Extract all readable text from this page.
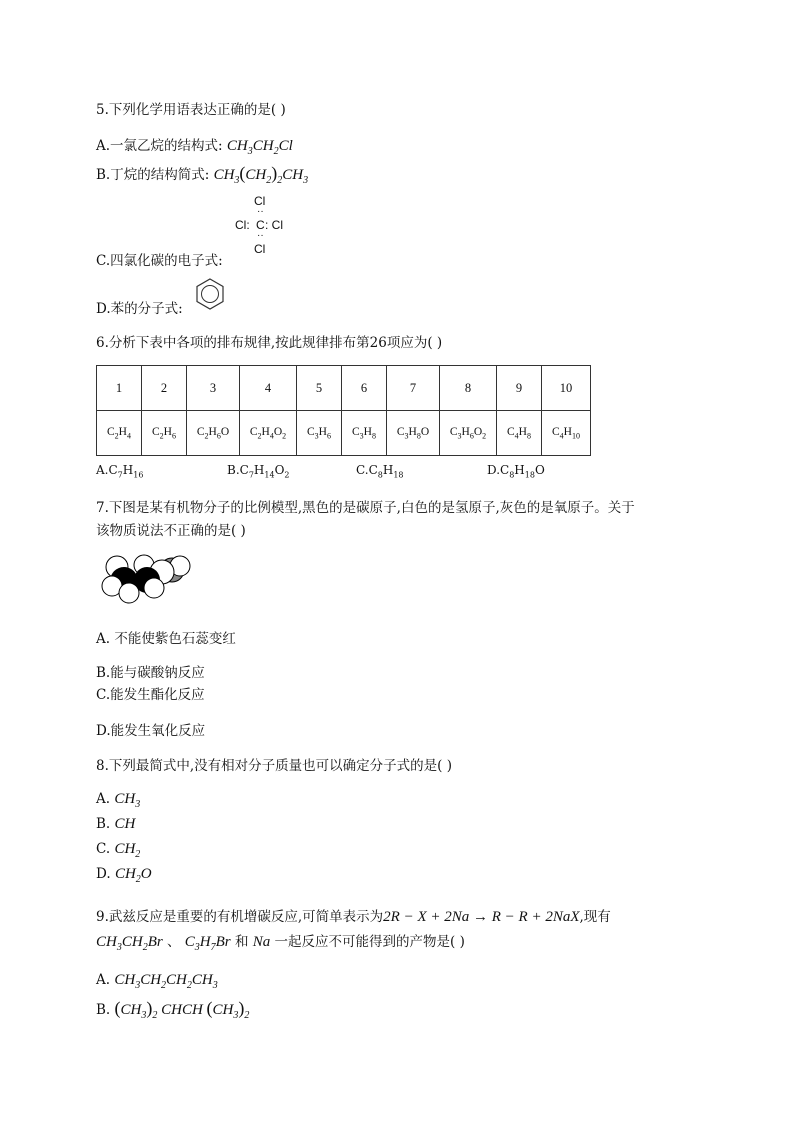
5.下列化学用语表达正确的是( )
A.一氯乙烷的结构式: $CH_3CH_2Cl$
B.丁烷的结构简式: $CH_3(CH_2)_2CH_3$
Cl
··
Cl: C : Cl
··
Cl
C.四氯化碳的电子式:
D.苯的分子式:
6.分析下表中各项的排布规律,按此规律排布第26项应为( )
1	2	3	4	5	6	7	8	9	10
$C_2H_4$	$C_2H_6$	$C_2H_6O$	$C_2H_4O_2$	$C_3H_6$	$C_3H_8$	$C_3H_8O$	$C_3H_6O_2$	$C_4H_8$	$C_4H_{10}$
$A.C_7H_{16}$	$B.C_7H_{14}O_2$	$C.C_8H_{18}$	$D.C_8H_{18}O$
7.下图是某有机物分子的比例模型,黑色的是碳原子,白色的是氢原子,灰色的是氧原子。关于
该物质说法不正确的是( )
A. 不能使紫色石蕊变红
B.能与碳酸钠反应
C.能发生酯化反应
D.能发生氧化反应
8.下列最简式中,没有相对分子质量也可以确定分子式的是( )
A. $CH_3$
B. CH
C. $CH_2$
D. $CH_2O$
9.武兹反应是重要的有机增碳反应,可简单表示为2R − X + 2Na → R − R + 2NaX,现有
$CH_3CH_2Br$ 、 $C_3H_7Br$ 和 Na 一起反应不可能得到的产物是( )
A. $CH_3CH_2CH_2CH_3$
B. $(CH_3)_2$ CHCH $(CH_3)_2$
